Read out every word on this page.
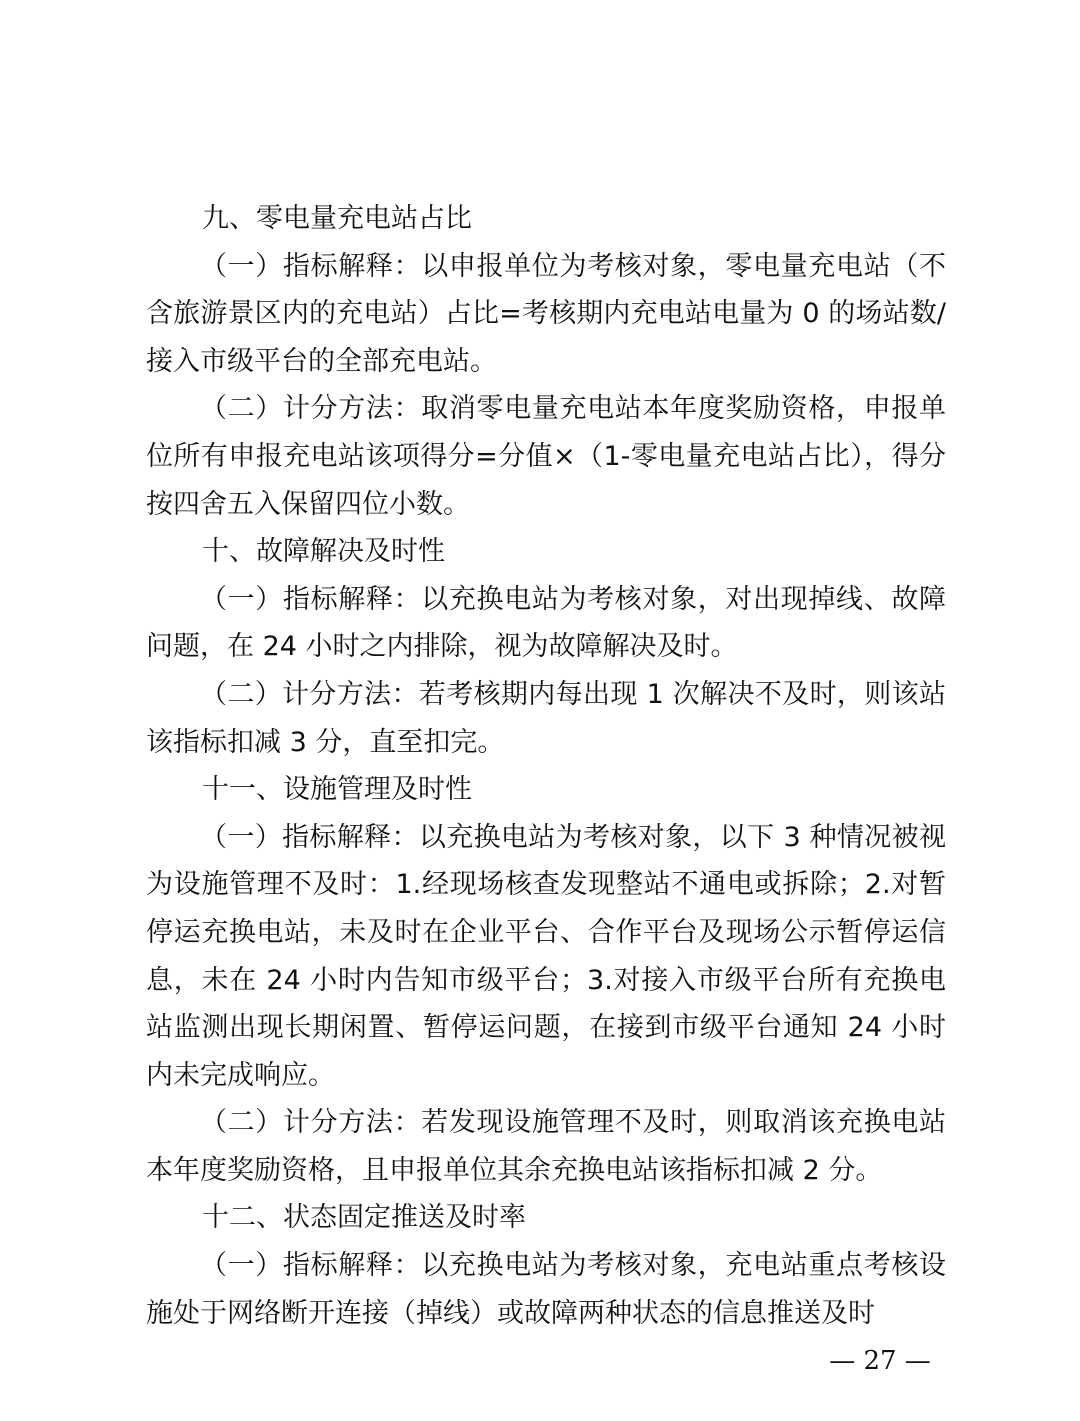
九、零电量充电站占比

（一）指标解释：以申报单位为考核对象，零电量充电站（不含旅游景区内的充电站）占比=考核期内充电站电量为 0 的场站数/接入市级平台的全部充电站。

（二）计分方法：取消零电量充电站本年度奖励资格，申报单位所有申报充电站该项得分=分值×（1-零电量充电站占比），得分按四舍五入保留四位小数。

十、故障解决及时性

（一）指标解释：以充换电站为考核对象，对出现掉线、故障问题，在 24 小时之内排除，视为故障解决及时。

（二）计分方法：若考核期内每出现 1 次解决不及时，则该站该指标扣减 3 分，直至扣完。

十一、设施管理及时性

（一）指标解释：以充换电站为考核对象，以下 3 种情况被视为设施管理不及时：1.经现场核查发现整站不通电或拆除；2.对暂停运充换电站，未及时在企业平台、合作平台及现场公示暂停运信息，未在 24 小时内告知市级平台；3.对接入市级平台所有充换电站监测出现长期闲置、暂停运问题，在接到市级平台通知 24 小时内未完成响应。

（二）计分方法：若发现设施管理不及时，则取消该充换电站本年度奖励资格，且申报单位其余充换电站该指标扣减 2 分。

十二、状态固定推送及时率

（一）指标解释：以充换电站为考核对象，充电站重点考核设施处于网络断开连接（掉线）或故障两种状态的信息推送及时

— 27 —
